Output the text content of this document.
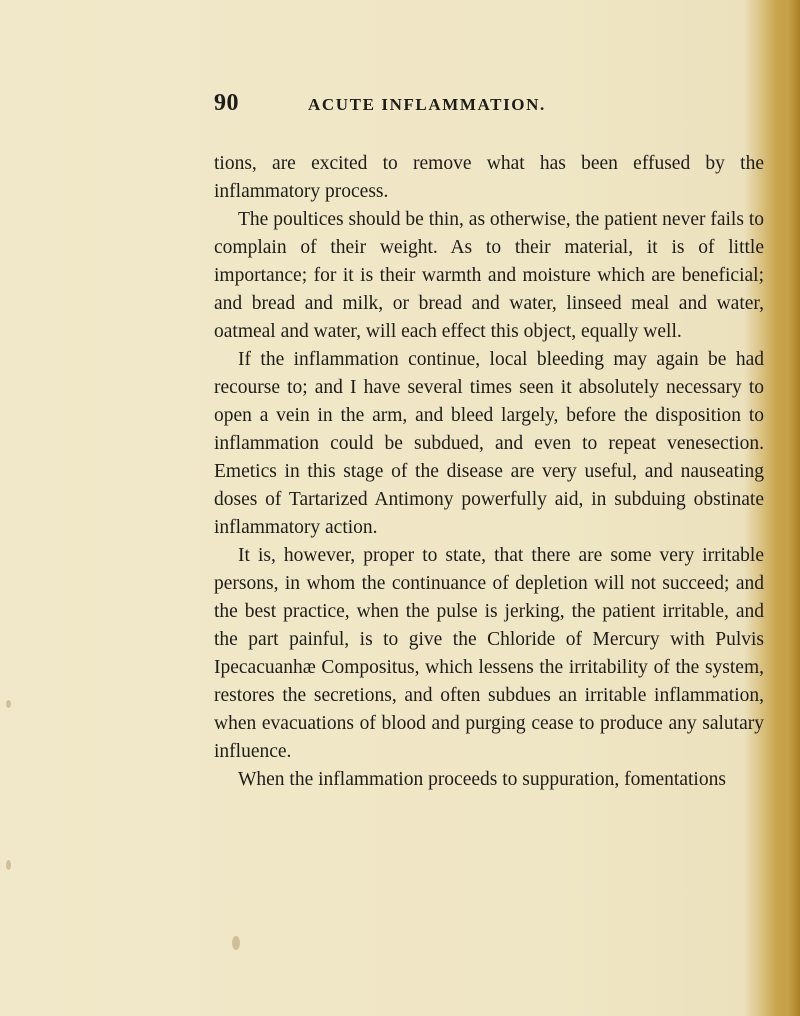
90	ACUTE INFLAMMATION.

tions, are excited to remove what has been effused by the inflammatory process.

The poultices should be thin, as otherwise, the patient never fails to complain of their weight. As to their material, it is of little importance; for it is their warmth and moisture which are beneficial; and bread and milk, or bread and water, linseed meal and water, oatmeal and water, will each effect this object, equally well.

If the inflammation continue, local bleeding may again be had recourse to; and I have several times seen it absolutely necessary to open a vein in the arm, and bleed largely, before the disposition to inflammation could be subdued, and even to repeat venesection. Emetics in this stage of the disease are very useful, and nauseating doses of Tartarized Antimony powerfully aid, in subduing obstinate inflammatory action.

It is, however, proper to state, that there are some very irritable persons, in whom the continuance of depletion will not succeed; and the best practice, when the pulse is jerking, the patient irritable, and the part painful, is to give the Chloride of Mercury with Pulvis Ipecacuanhæ Compositus, which lessens the irritability of the system, restores the secretions, and often subdues an irritable inflammation, when evacuations of blood and purging cease to produce any salutary influence.

When the inflammation proceeds to suppuration, fomentations
